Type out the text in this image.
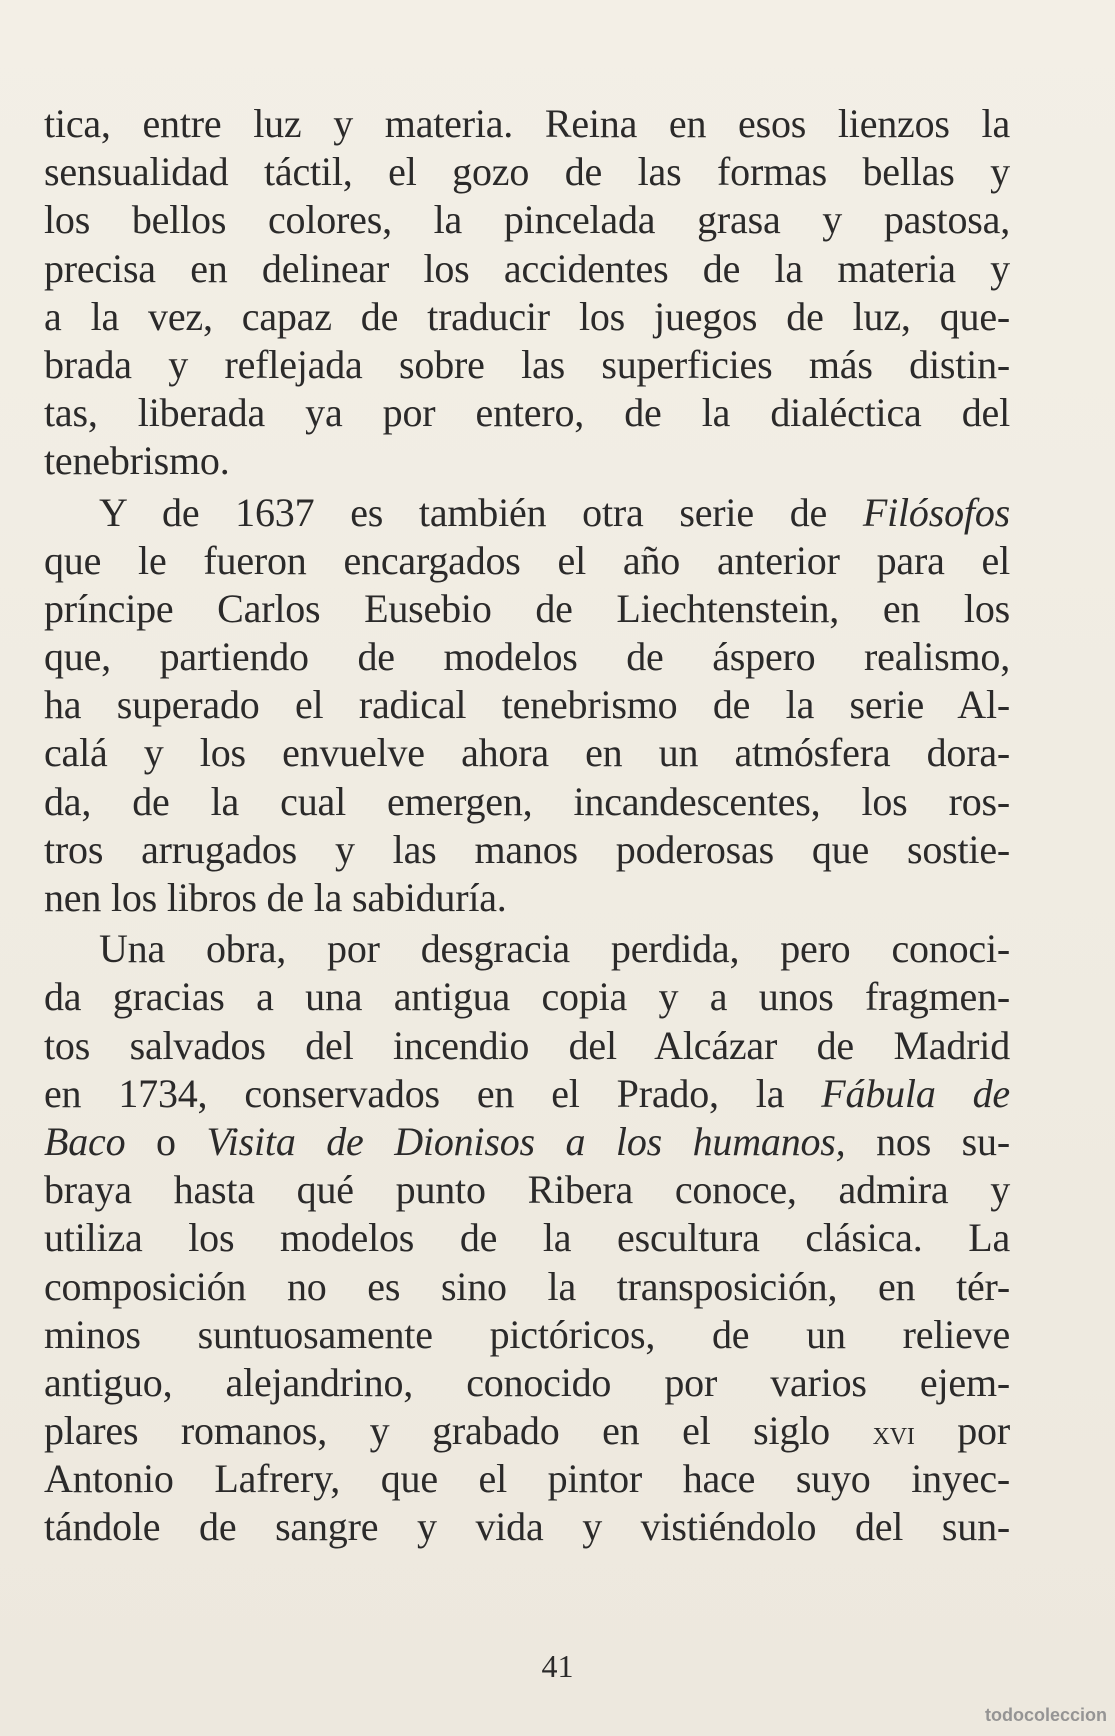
tica, entre luz y materia. Reina en esos lienzos la
sensualidad táctil, el gozo de las formas bellas y
los bellos colores, la pincelada grasa y pastosa,
precisa en delinear los accidentes de la materia y
a la vez, capaz de traducir los juegos de luz, que-
brada y reflejada sobre las superficies más distin-
tas, liberada ya por entero, de la dialéctica del
tenebrismo.
Y de 1637 es también otra serie de Filósofos
que le fueron encargados el año anterior para el
príncipe Carlos Eusebio de Liechtenstein, en los
que, partiendo de modelos de áspero realismo,
ha superado el radical tenebrismo de la serie Al-
calá y los envuelve ahora en un atmósfera dora-
da, de la cual emergen, incandescentes, los ros-
tros arrugados y las manos poderosas que sostie-
nen los libros de la sabiduría.
Una obra, por desgracia perdida, pero conoci-
da gracias a una antigua copia y a unos fragmen-
tos salvados del incendio del Alcázar de Madrid
en 1734, conservados en el Prado, la Fábula de
Baco o Visita de Dionisos a los humanos, nos su-
braya hasta qué punto Ribera conoce, admira y
utiliza los modelos de la escultura clásica. La
composición no es sino la transposición, en tér-
minos suntuosamente pictóricos, de un relieve
antiguo, alejandrino, conocido por varios ejem-
plares romanos, y grabado en el siglo xvi por
Antonio Lafrery, que el pintor hace suyo inyec-
tándole de sangre y vida y vistiéndolo del sun-
41
todocoleccion
